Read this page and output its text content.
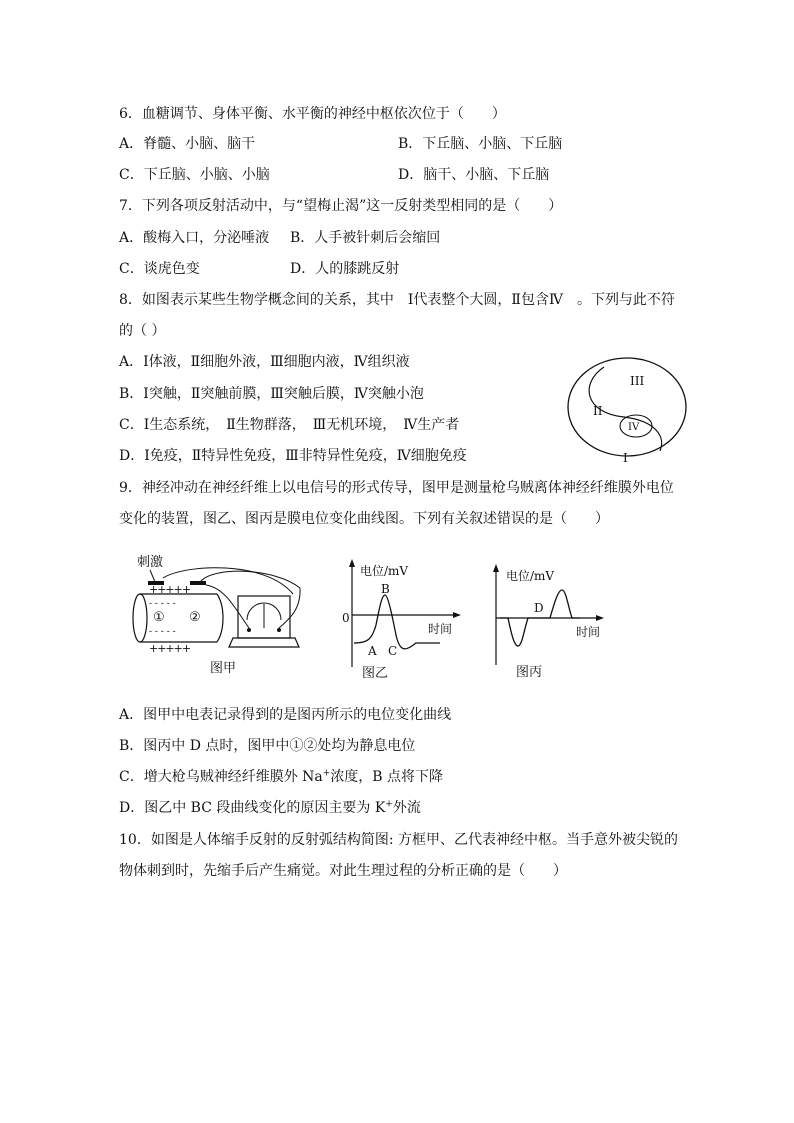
6．血糖调节、身体平衡、水平衡的神经中枢依次位于（　　）
A．脊髓、小脑、脑干	B．下丘脑、小脑、下丘脑
C．下丘脑、小脑、小脑	D．脑干、小脑、下丘脑
7．下列各项反射活动中，与“望梅止渴”这一反射类型相同的是（　　）
A．酸梅入口，分泌唾液 B．人手被针刺后会缩回
C．谈虎色变	D．人的膝跳反射
8．如图表示某些生物学概念间的关系，其中　Ⅰ代表整个大圆，Ⅱ包含Ⅳ　。下列与此不符
的（ ）
A．Ⅰ体液，Ⅱ细胞外液，Ⅲ细胞内液，Ⅳ组织液
B．Ⅰ突触，Ⅱ突触前膜，Ⅲ突触后膜，Ⅳ突触小泡
C．Ⅰ生态系统，　Ⅱ生物群落，　Ⅲ无机环境，　Ⅳ生产者
D．Ⅰ免疫，Ⅱ特异性免疫，Ⅲ非特异性免疫，Ⅳ细胞免疫
III
II
IV
I
9．神经冲动在神经纤维上以电信号的形式传导，图甲是测量枪乌贼离体神经纤维膜外电位
变化的装置，图乙、图丙是膜电位变化曲线图。下列有关叙述错误的是（　　）
刺激
+++++
- - - - -
- - - - -
+++++
① ②
图甲
电位/mV
时间
0
B
A C
图乙
电位/mV
时间
D
图丙
A．图甲中电表记录得到的是图丙所示的电位变化曲线
B．图丙中 D 点时，图甲中①②处均为静息电位
C．增大枪乌贼神经纤维膜外 Na+浓度，B 点将下降
D．图乙中 BC 段曲线变化的原因主要为 K+外流
10．如图是人体缩手反射的反射弧结构简图: 方框甲、乙代表神经中枢。当手意外被尖锐的
物体刺到时，先缩手后产生痛觉。对此生理过程的分析正确的是（　　）
